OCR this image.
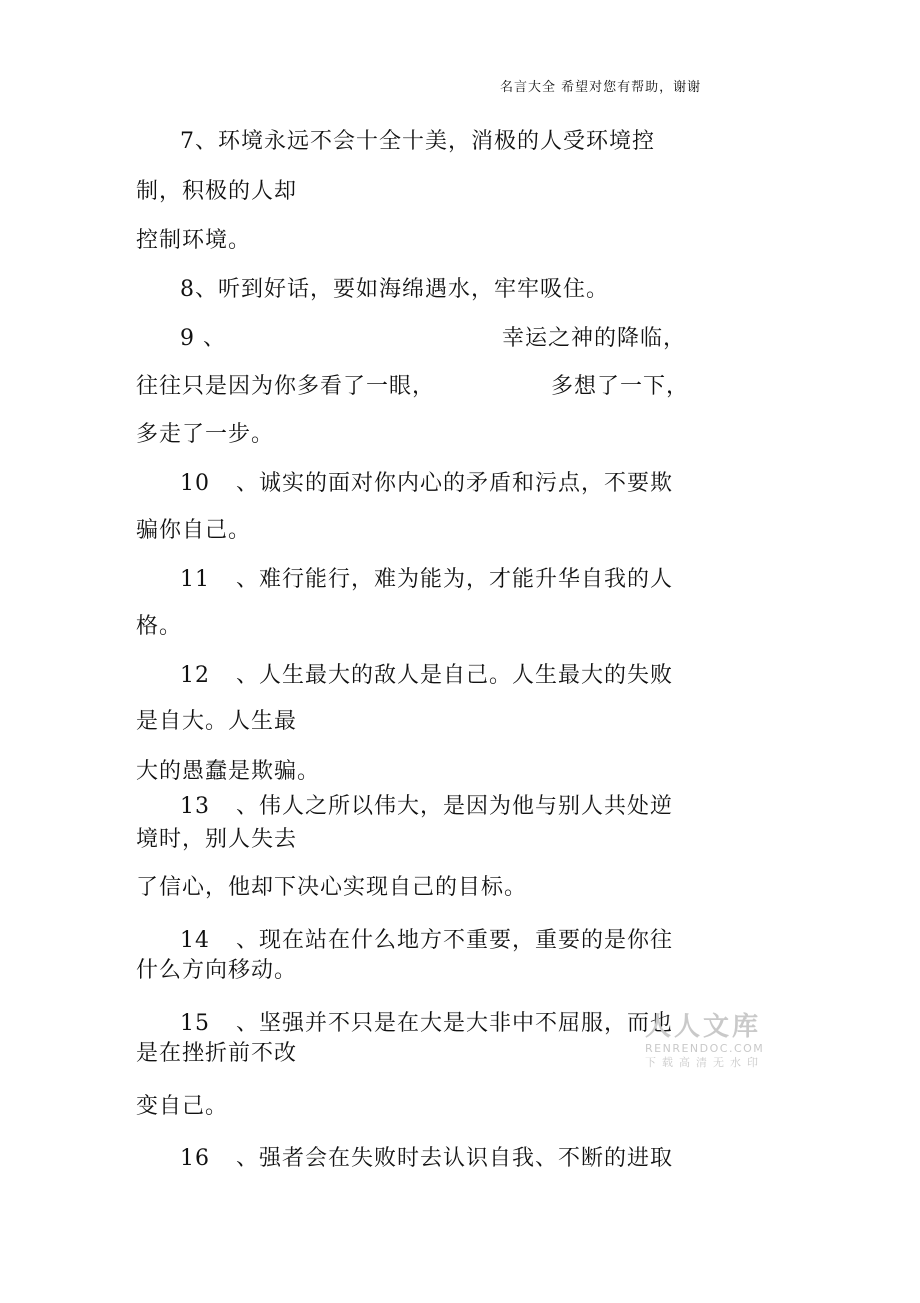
名言大全 希望对您有帮助，谢谢
7、环境永远不会十全十美，消极的人受环境控
制，积极的人却
控制环境。
8、听到好话，要如海绵遇水，牢牢吸住。
9 、	幸运之神的降临，
往往只是因为你多看了一眼，	多想了一下，
多走了一步。
10 、诚实的面对你内心的矛盾和污点，不要欺
骗你自己。
11 、难行能行，难为能为，才能升华自我的人
格。
12 、人生最大的敌人是自己。人生最大的失败
是自大。人生最
大的愚蠢是欺骗。
13 、伟人之所以伟大，是因为他与别人共处逆
境时，别人失去
了信心，他却下决心实现自己的目标。
14 、现在站在什么地方不重要，重要的是你往
什么方向移动。
15 、坚强并不只是在大是大非中不屈服，而也
是在挫折前不改
变自己。
16 、强者会在失败时去认识自我、不断的进取
人人文库
RENRENDOC.COM
下载高清无水印
